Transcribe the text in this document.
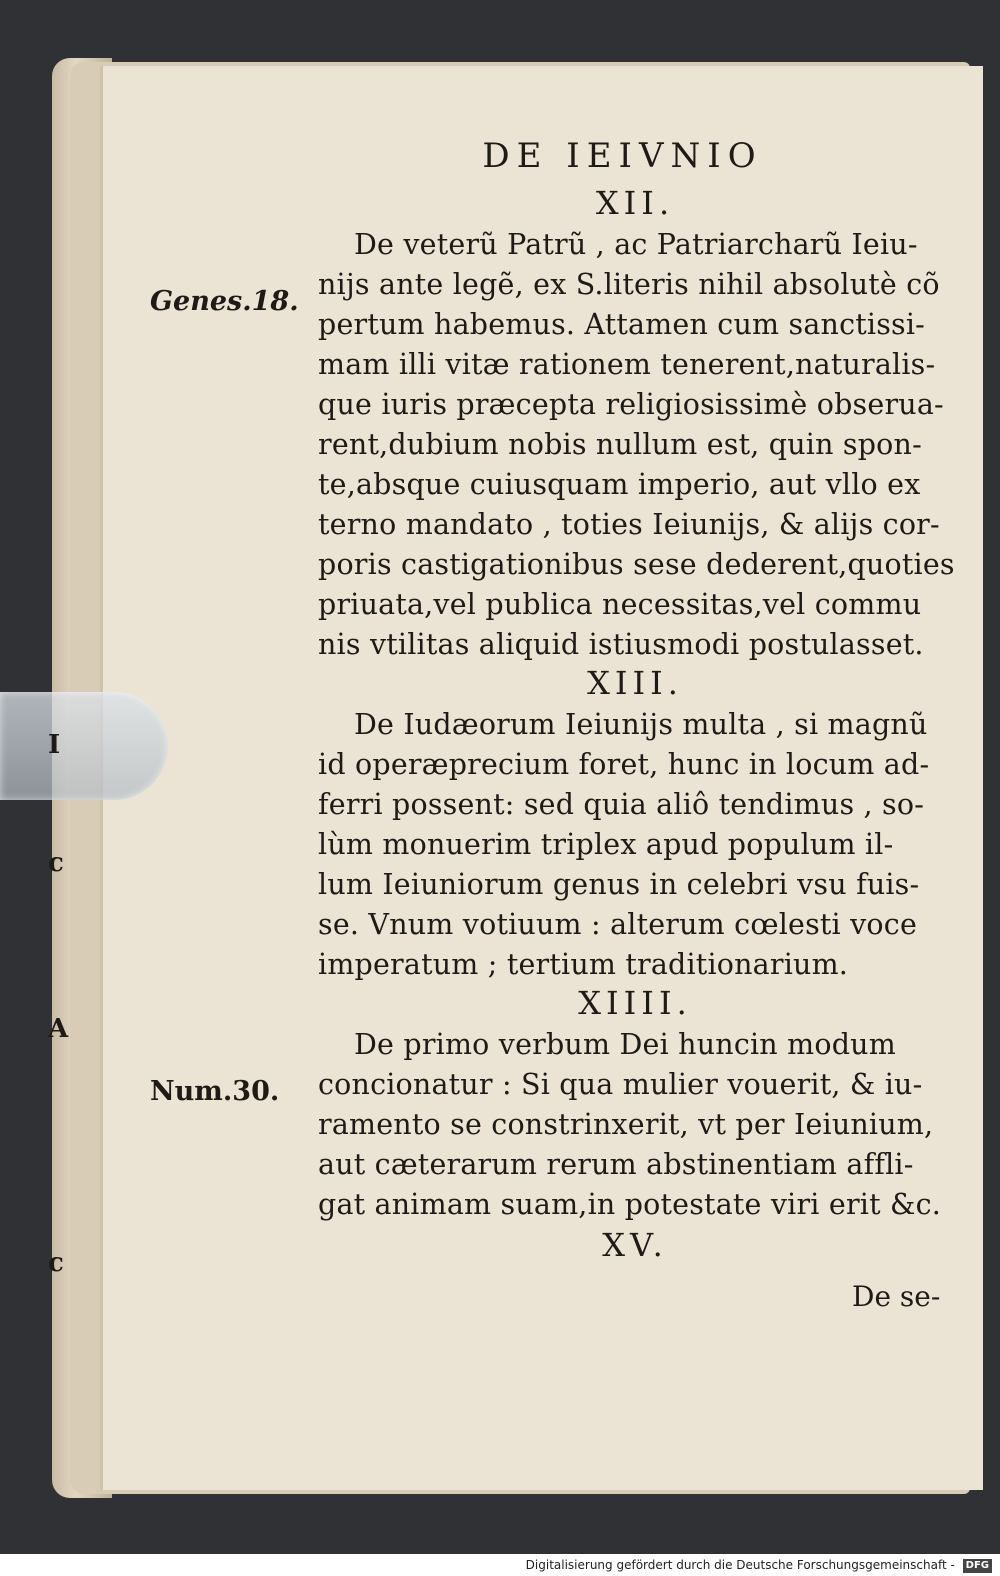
I
c
A
c
DE IEIVNIO
XII.
De veterũ Patrũ , ac Patriarcharũ Ieiu-
nijs ante legẽ, ex S.literis nihil absolutè cõ
pertum habemus. Attamen cum sanctissi-
mam illi vitæ rationem tenerent,naturalis-
que iuris præcepta religiosissimè obserua-
rent,dubium nobis nullum est, quin spon-
te,absque cuiusquam imperio, aut vllo ex
terno mandato , toties Ieiunijs, & alijs cor-
poris castigationibus sese dederent,quoties
priuata,vel publica necessitas,vel commu
nis vtilitas aliquid istiusmodi postulasset.
XIII.
De Iudæorum Ieiunijs multa , si magnũ
id operæprecium foret, hunc in locum ad-
ferri possent: sed quia aliô tendimus , so-
lùm monuerim triplex apud populum il-
lum Ieiuniorum genus in celebri vsu fuis-
se. Vnum votiuum : alterum cœlesti voce
imperatum ; tertium traditionarium.
XIIII.
De primo verbum Dei huncin modum
concionatur : Si qua mulier vouerit, & iu-
ramento se constrinxerit, vt per Ieiunium,
aut cæterarum rerum abstinentiam affli-
gat animam suam,in potestate viri erit &c.
XV.
Genes.18.
Num.30.
De se-
Digitalisierung gefördert durch die Deutsche Forschungsgemeinschaft - DFG
